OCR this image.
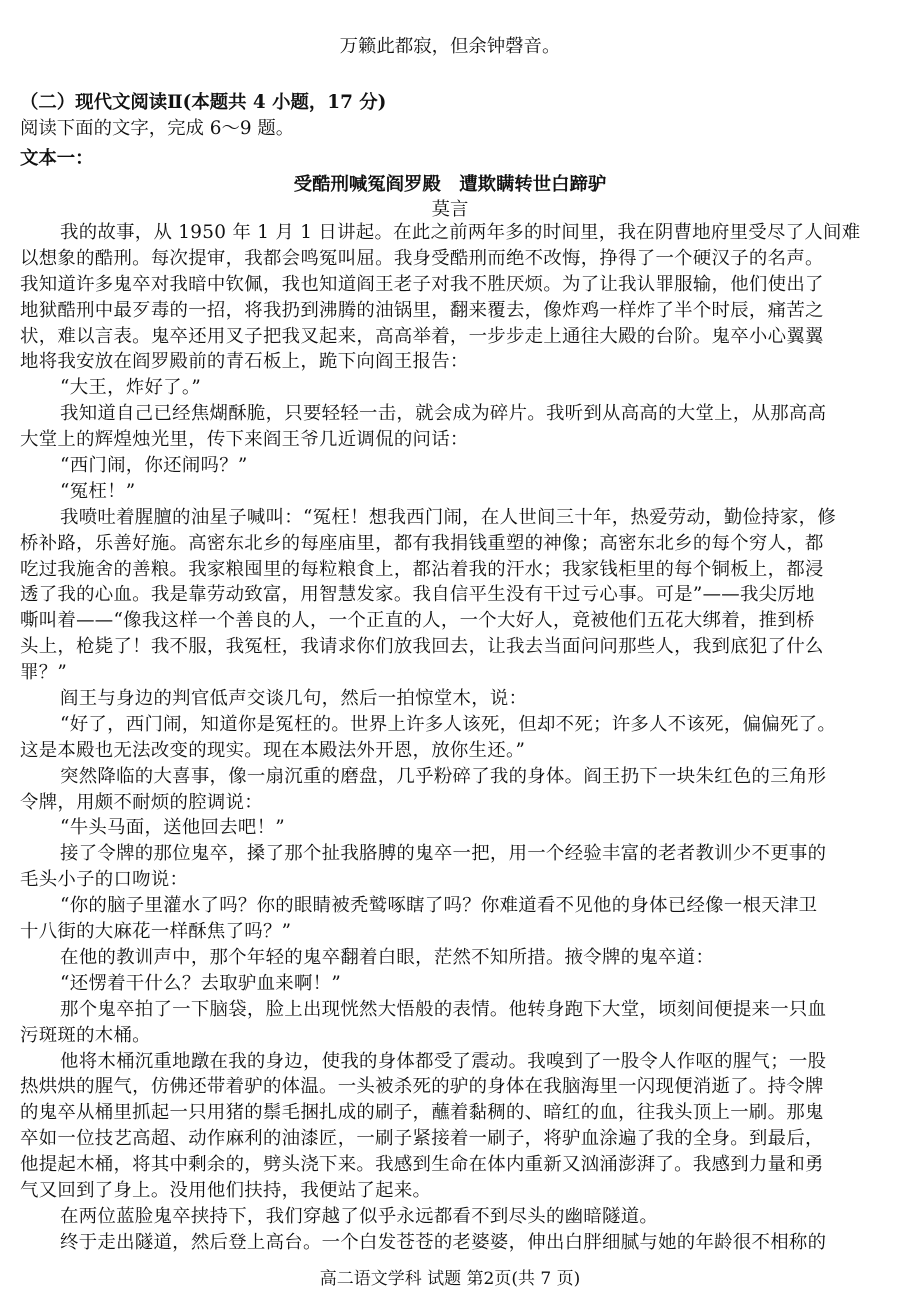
万籁此都寂，但余钟磬音。
（二）现代文阅读Ⅱ(本题共 4 小题，17 分)
阅读下面的文字，完成 6～9 题。
文本一：
受酷刑喊冤阎罗殿　遭欺瞒转世白蹄驴
莫言
我的故事，从 1950 年 1 月 1 日讲起。在此之前两年多的时间里，我在阴曹地府里受尽了人间难
以想象的酷刑。每次提审，我都会鸣冤叫屈。我身受酷刑而绝不改悔，挣得了一个硬汉子的名声。
我知道许多鬼卒对我暗中钦佩，我也知道阎王老子对我不胜厌烦。为了让我认罪服输，他们使出了
地狱酷刑中最歹毒的一招，将我扔到沸腾的油锅里，翻来覆去，像炸鸡一样炸了半个时辰，痛苦之
状，难以言表。鬼卒还用叉子把我叉起来，高高举着，一步步走上通往大殿的台阶。鬼卒小心翼翼
地将我安放在阎罗殿前的青石板上，跪下向阎王报告：
“大王，炸好了。”
我知道自己已经焦煳酥脆，只要轻轻一击，就会成为碎片。我听到从高高的大堂上，从那高高
大堂上的辉煌烛光里，传下来阎王爷几近调侃的问话：
“西门闹，你还闹吗？”
“冤枉！”
我喷吐着腥膻的油星子喊叫：“冤枉！想我西门闹，在人世间三十年，热爱劳动，勤俭持家，修
桥补路，乐善好施。高密东北乡的每座庙里，都有我捐钱重塑的神像；高密东北乡的每个穷人，都
吃过我施舍的善粮。我家粮囤里的每粒粮食上，都沾着我的汗水；我家钱柜里的每个铜板上，都浸
透了我的心血。我是靠劳动致富，用智慧发家。我自信平生没有干过亏心事。可是”——我尖厉地
嘶叫着——“像我这样一个善良的人，一个正直的人，一个大好人，竟被他们五花大绑着，推到桥
头上，枪毙了！我不服，我冤枉，我请求你们放我回去，让我去当面问问那些人，我到底犯了什么
罪？”
阎王与身边的判官低声交谈几句，然后一拍惊堂木，说：
“好了，西门闹，知道你是冤枉的。世界上许多人该死，但却不死；许多人不该死，偏偏死了。
这是本殿也无法改变的现实。现在本殿法外开恩，放你生还。”
突然降临的大喜事，像一扇沉重的磨盘，几乎粉碎了我的身体。阎王扔下一块朱红色的三角形
令牌，用颇不耐烦的腔调说：
“牛头马面，送他回去吧！”
接了令牌的那位鬼卒，搡了那个扯我胳膊的鬼卒一把，用一个经验丰富的老者教训少不更事的
毛头小子的口吻说：
“你的脑子里灌水了吗？你的眼睛被秃鹫啄瞎了吗？你难道看不见他的身体已经像一根天津卫
十八街的大麻花一样酥焦了吗？”
在他的教训声中，那个年轻的鬼卒翻着白眼，茫然不知所措。掖令牌的鬼卒道：
“还愣着干什么？去取驴血来啊！”
那个鬼卒拍了一下脑袋，脸上出现恍然大悟般的表情。他转身跑下大堂，顷刻间便提来一只血
污斑斑的木桶。
他将木桶沉重地蹾在我的身边，使我的身体都受了震动。我嗅到了一股令人作呕的腥气；一股
热烘烘的腥气，仿佛还带着驴的体温。一头被杀死的驴的身体在我脑海里一闪现便消逝了。持令牌
的鬼卒从桶里抓起一只用猪的鬃毛捆扎成的刷子，蘸着黏稠的、暗红的血，往我头顶上一刷。那鬼
卒如一位技艺高超、动作麻利的油漆匠，一刷子紧接着一刷子，将驴血涂遍了我的全身。到最后，
他提起木桶，将其中剩余的，劈头浇下来。我感到生命在体内重新又汹涌澎湃了。我感到力量和勇
气又回到了身上。没用他们扶持，我便站了起来。
在两位蓝脸鬼卒挟持下，我们穿越了似乎永远都看不到尽头的幽暗隧道。
终于走出隧道，然后登上高台。一个白发苍苍的老婆婆，伸出白胖细腻与她的年龄很不相称的
高二语文学科 试题 第2页(共 7 页)
